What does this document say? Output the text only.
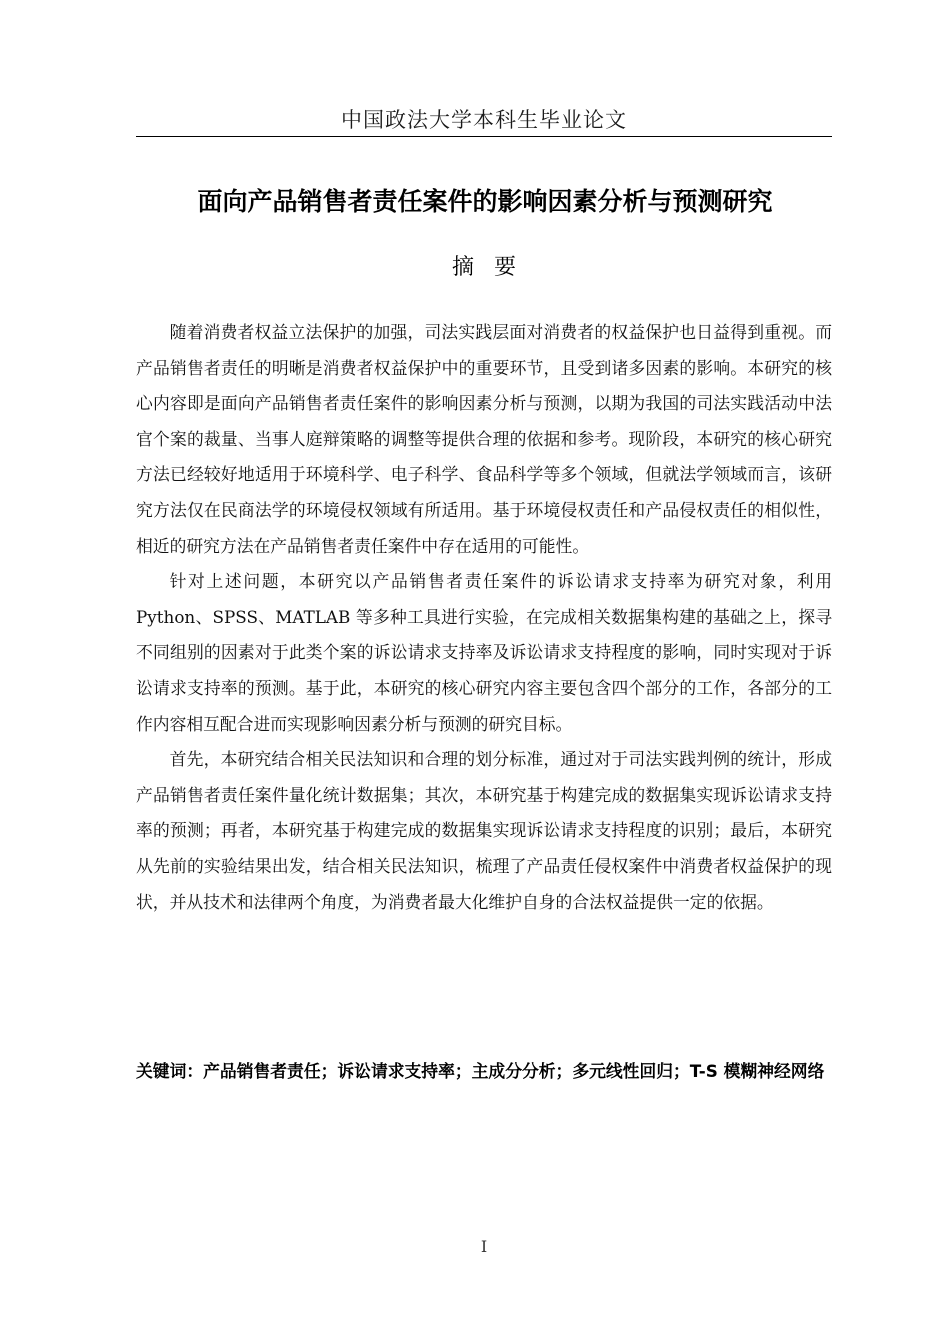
中国政法大学本科生毕业论文
面向产品销售者责任案件的影响因素分析与预测研究
摘要

随着消费者权益立法保护的加强，司法实践层面对消费者的权益保护也日益得到重视。而产品销售者责任的明晰是消费者权益保护中的重要环节，且受到诸多因素的影响。本研究的核心内容即是面向产品销售者责任案件的影响因素分析与预测，以期为我国的司法实践活动中法官个案的裁量、当事人庭辩策略的调整等提供合理的依据和参考。现阶段，本研究的核心研究方法已经较好地适用于环境科学、电子科学、食品科学等多个领域，但就法学领域而言，该研究方法仅在民商法学的环境侵权领域有所适用。基于环境侵权责任和产品侵权责任的相似性，相近的研究方法在产品销售者责任案件中存在适用的可能性。

针对上述问题，本研究以产品销售者责任案件的诉讼请求支持率为研究对象，利用 Python、SPSS、MATLAB 等多种工具进行实验，在完成相关数据集构建的基础之上，探寻不同组别的因素对于此类个案的诉讼请求支持率及诉讼请求支持程度的影响，同时实现对于诉讼请求支持率的预测。基于此，本研究的核心研究内容主要包含四个部分的工作，各部分的工作内容相互配合进而实现影响因素分析与预测的研究目标。

首先，本研究结合相关民法知识和合理的划分标准，通过对于司法实践判例的统计，形成产品销售者责任案件量化统计数据集；其次，本研究基于构建完成的数据集实现诉讼请求支持率的预测；再者，本研究基于构建完成的数据集实现诉讼请求支持程度的识别；最后，本研究从先前的实验结果出发，结合相关民法知识，梳理了产品责任侵权案件中消费者权益保护的现状，并从技术和法律两个角度，为消费者最大化维护自身的合法权益提供一定的依据。

关键词：产品销售者责任；诉讼请求支持率；主成分分析；多元线性回归；T-S 模糊神经网络
I
